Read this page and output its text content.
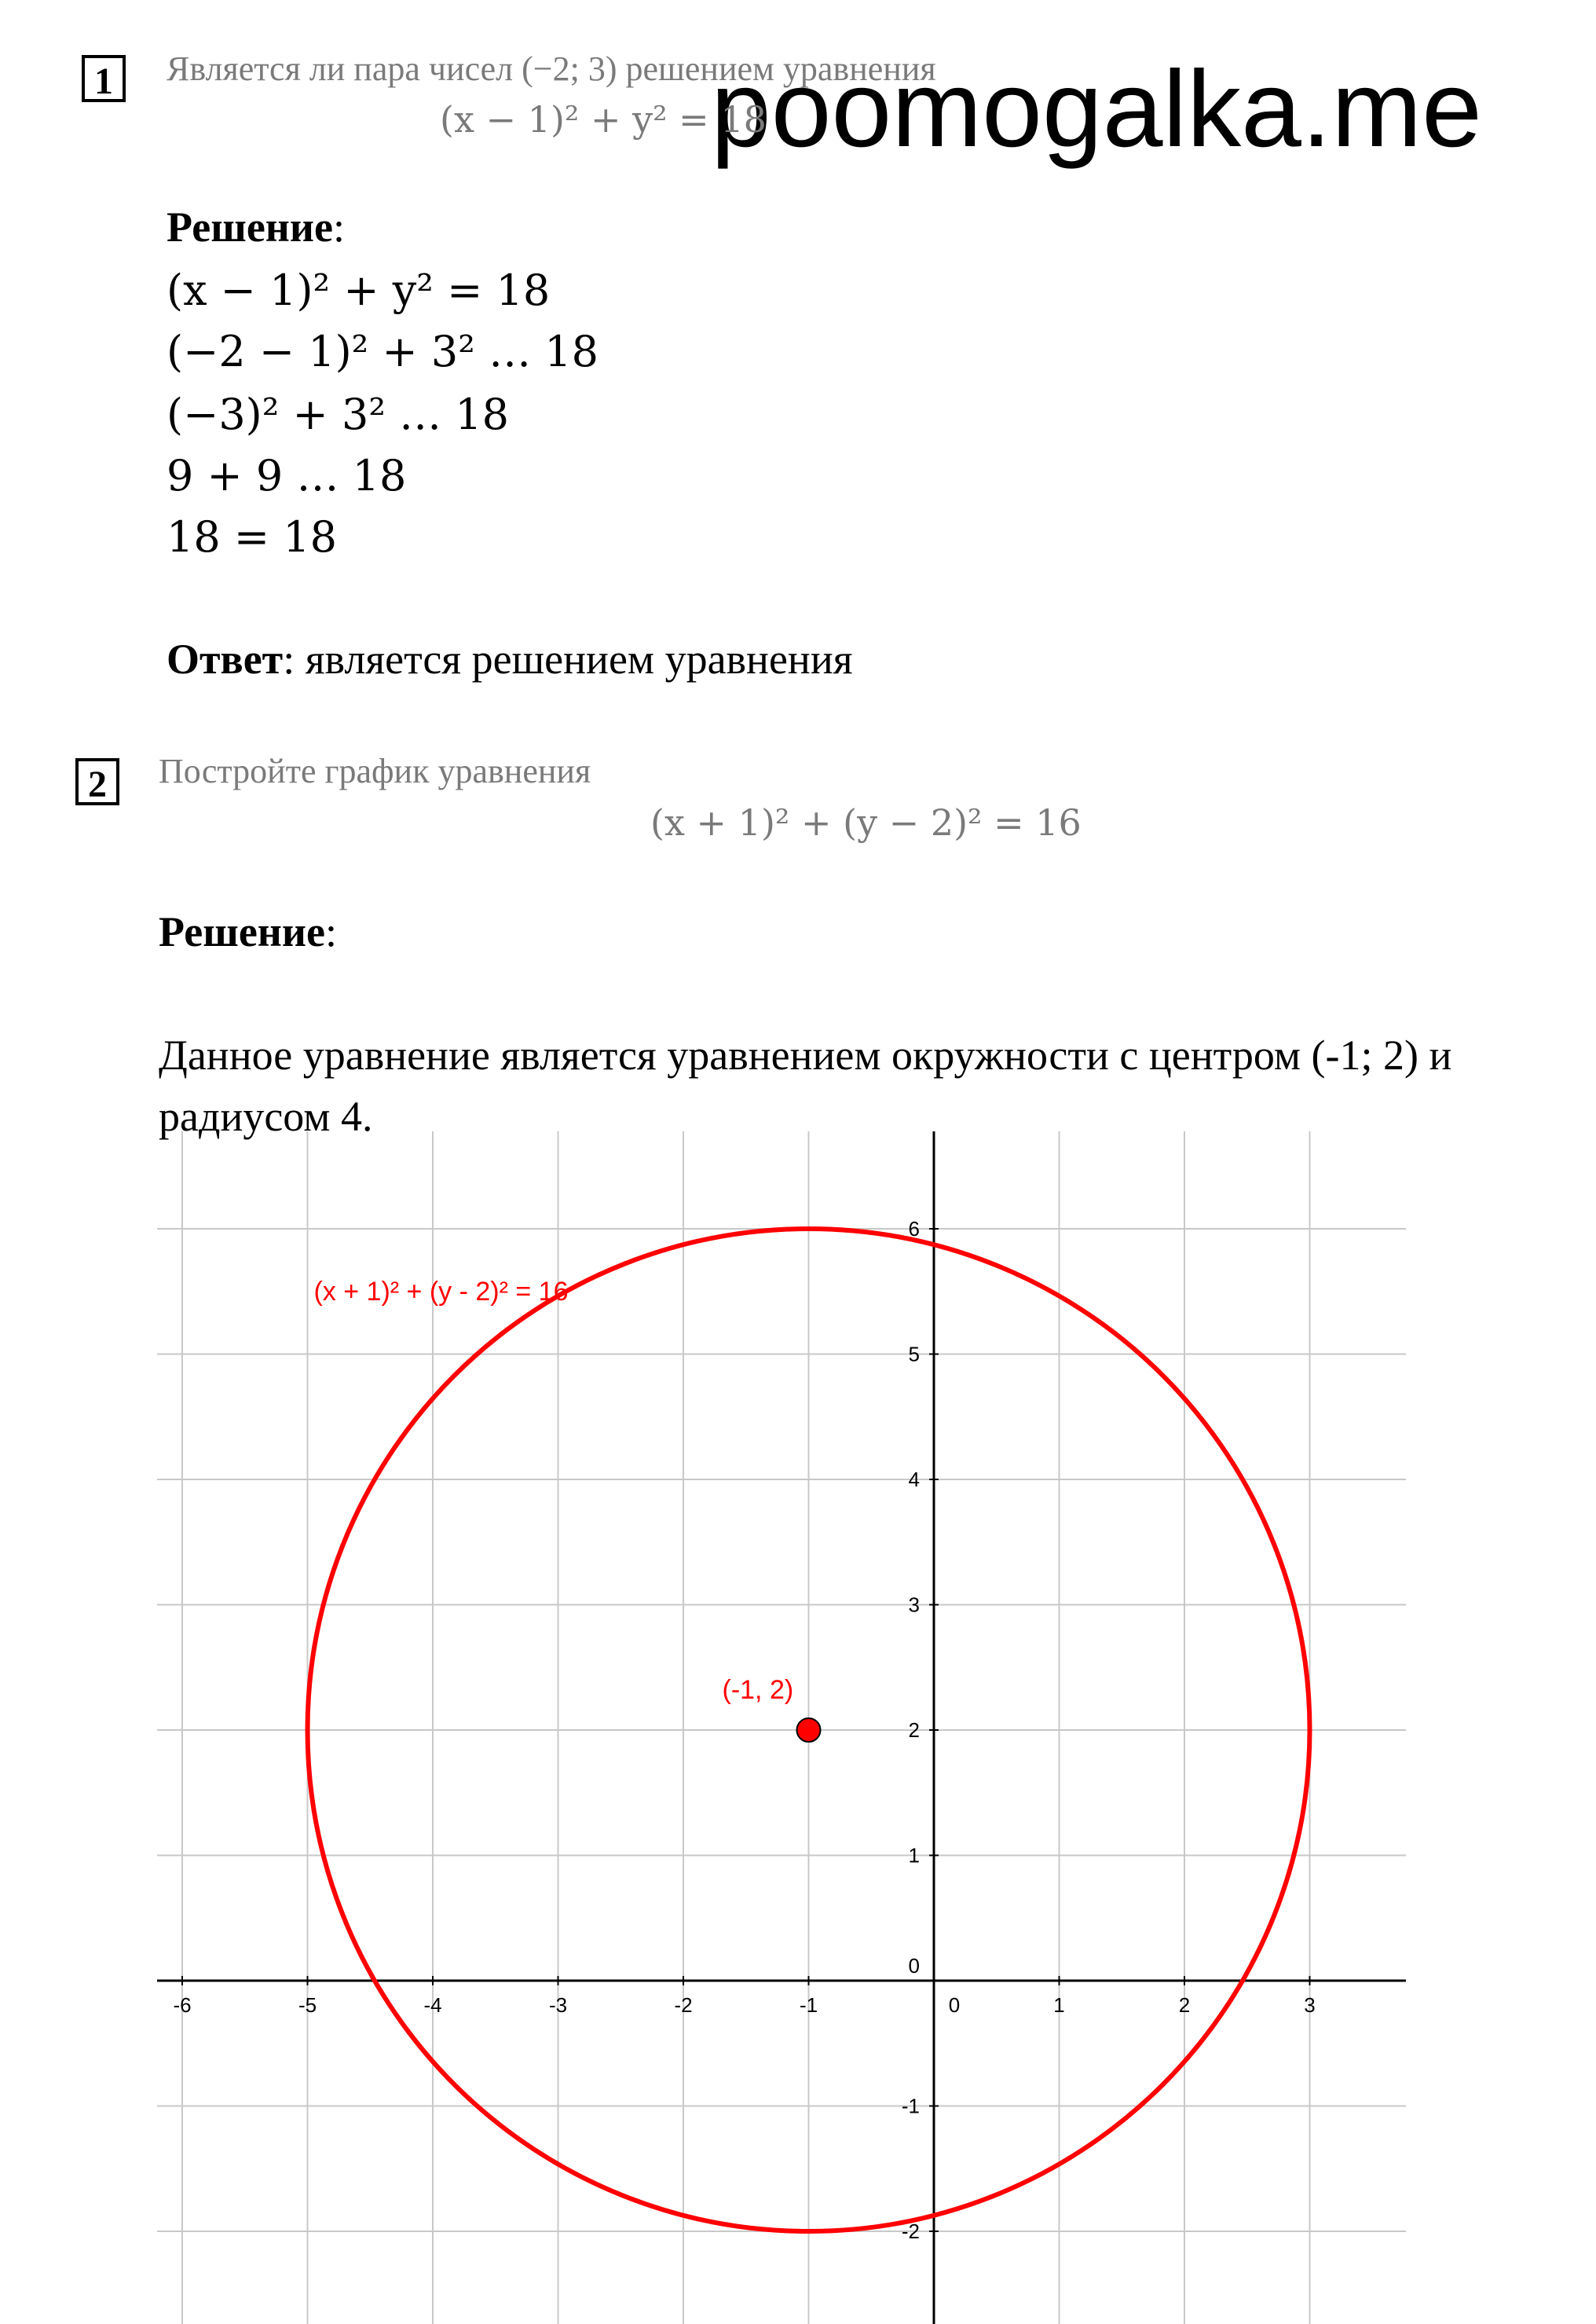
poomogalka.me
1	Является ли пара чисел (−2; 3) решением уравнения
(x − 1)² + y² = 18
Решение:
(x − 1)² + y² = 18
(−2 − 1)² + 3² … 18
(−3)² + 3² … 18
9 + 9 … 18
18 = 18
Ответ: является решением уравнения
2	Постройте график уравнения
(x + 1)² + (y − 2)² = 16
Решение:
Данное уравнение является уравнением окружности с центром (-1; 2) и
радиусом 4.
-6	-5	-4	-3	-2	-1	0	1	2	3
-2
-1
0
1
2
3
4
5
6
(-1, 2)
(x + 1)² + (y - 2)² = 16
